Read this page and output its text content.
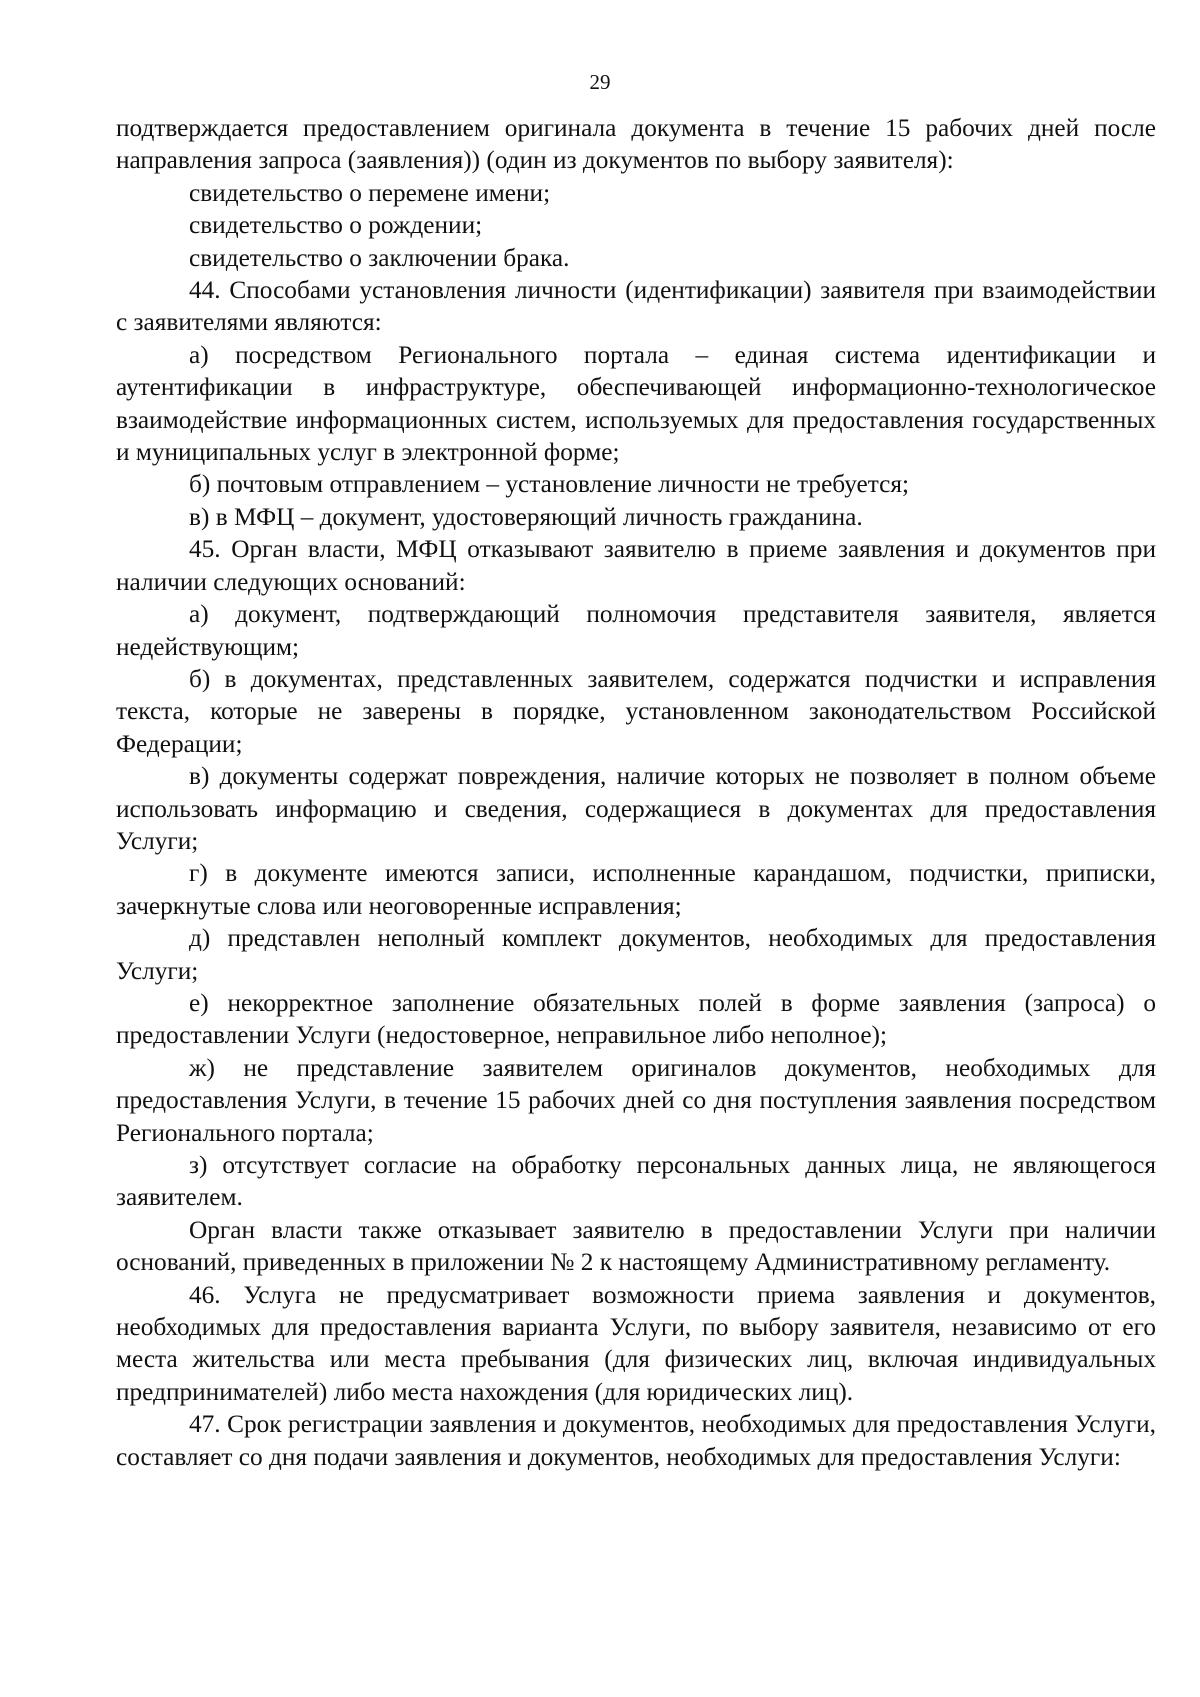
29

подтверждается предоставлением оригинала документа в течение 15 рабочих дней после направления запроса (заявления)) (один из документов по выбору заявителя):

свидетельство о перемене имени;

свидетельство о рождении;

свидетельство о заключении брака.

44. Способами установления личности (идентификации) заявителя при взаимодействии с заявителями являются:

а) посредством Регионального портала – единая система идентификации и аутентификации в инфраструктуре, обеспечивающей информационно-технологическое взаимодействие информационных систем, используемых для предоставления государственных и муниципальных услуг в электронной форме;

б) почтовым отправлением – установление личности не требуется;

в) в МФЦ – документ, удостоверяющий личность гражданина.

45. Орган власти, МФЦ отказывают заявителю в приеме заявления и документов при наличии следующих оснований:

а) документ, подтверждающий полномочия представителя заявителя, является недействующим;

б) в документах, представленных заявителем, содержатся подчистки и исправления текста, которые не заверены в порядке, установленном законодательством Российской Федерации;

в) документы содержат повреждения, наличие которых не позволяет в полном объеме использовать информацию и сведения, содержащиеся в документах для предоставления Услуги;

г) в документе имеются записи, исполненные карандашом, подчистки, приписки, зачеркнутые слова или неоговоренные исправления;

д) представлен неполный комплект документов, необходимых для предоставления Услуги;

е) некорректное заполнение обязательных полей в форме заявления (запроса) о предоставлении Услуги (недостоверное, неправильное либо неполное);

ж) не представление заявителем оригиналов документов, необходимых для предоставления Услуги, в течение 15 рабочих дней со дня поступления заявления посредством Регионального портала;

з) отсутствует согласие на обработку персональных данных лица, не являющегося заявителем.

Орган власти также отказывает заявителю в предоставлении Услуги при наличии оснований, приведенных в приложении № 2 к настоящему Административному регламенту.

46. Услуга не предусматривает возможности приема заявления и документов, необходимых для предоставления варианта Услуги, по выбору заявителя, независимо от его места жительства или места пребывания (для физических лиц, включая индивидуальных предпринимателей) либо места нахождения (для юридических лиц).

47. Срок регистрации заявления и документов, необходимых для предоставления Услуги, составляет со дня подачи заявления и документов, необходимых для предоставления Услуги:
